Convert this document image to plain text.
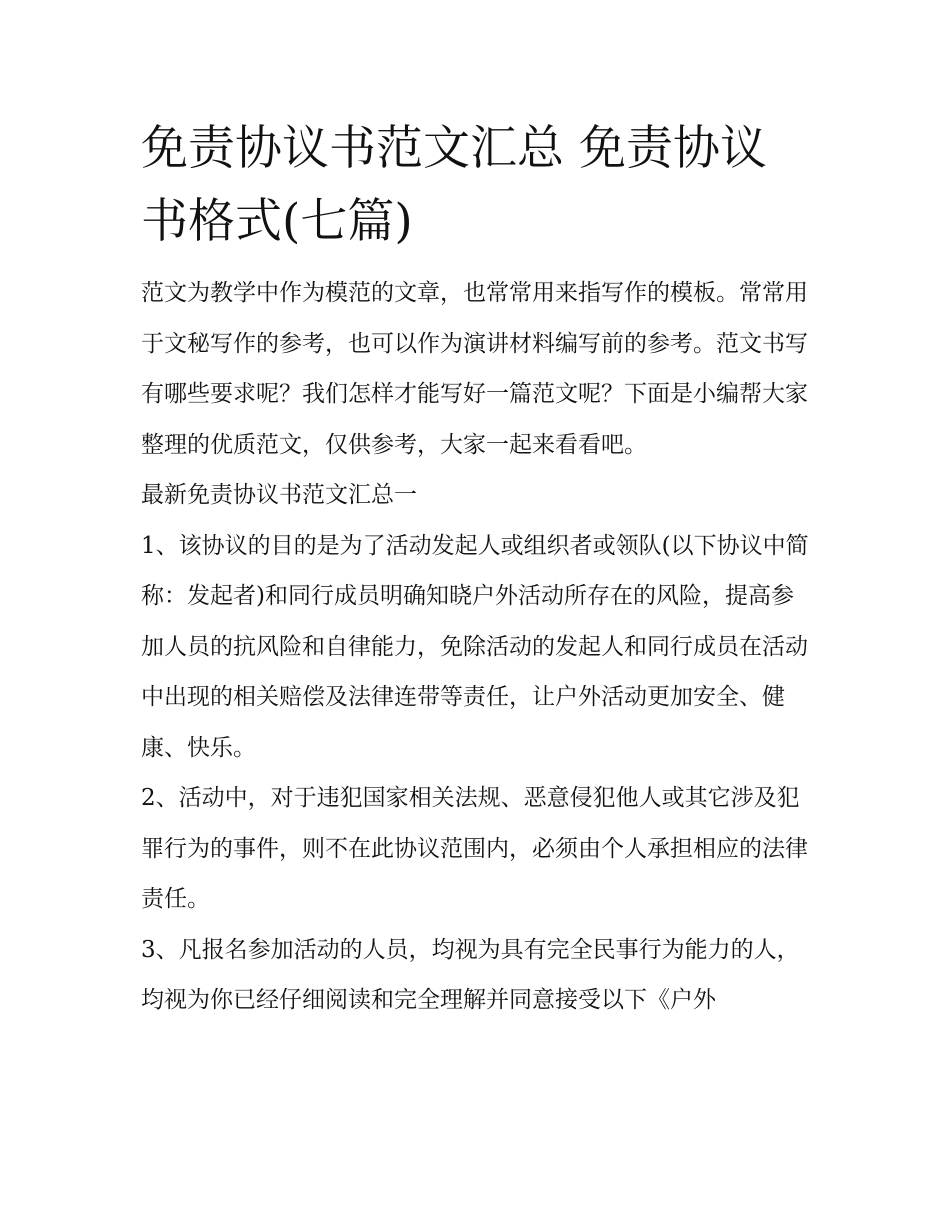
免责协议书范文汇总 免责协议书格式(七篇)

范文为教学中作为模范的文章，也常常用来指写作的模板。常常用于文秘写作的参考，也可以作为演讲材料编写前的参考。范文书写有哪些要求呢？我们怎样才能写好一篇范文呢？下面是小编帮大家整理的优质范文，仅供参考，大家一起来看看吧。

最新免责协议书范文汇总一

1、该协议的目的是为了活动发起人或组织者或领队(以下协议中简称：发起者)和同行成员明确知晓户外活动所存在的风险，提高参加人员的抗风险和自律能力，免除活动的发起人和同行成员在活动中出现的相关赔偿及法律连带等责任，让户外活动更加安全、健康、快乐。

2、活动中，对于违犯国家相关法规、恶意侵犯他人或其它涉及犯罪行为的事件，则不在此协议范围内，必须由个人承担相应的法律责任。

3、凡报名参加活动的人员，均视为具有完全民事行为能力的人，均视为你已经仔细阅读和完全理解并同意接受以下《户外
